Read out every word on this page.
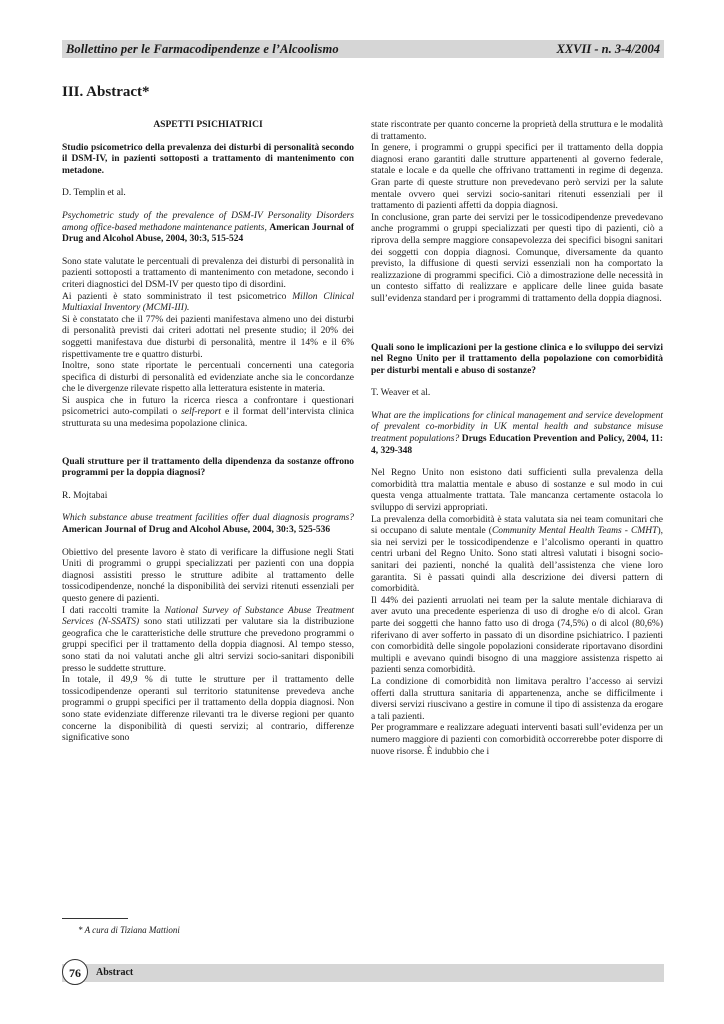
Bollettino per le Farmacodipendenze e l’Alcoolismo	XXVII - n. 3-4/2004
III. Abstract*

ASPETTI PSICHIATRICI

Studio psicometrico della prevalenza dei disturbi di personalità secondo il DSM-IV, in pazienti sottoposti a trattamento di mantenimento con metadone.

D. Templin et al.

Psychometric study of the prevalence of DSM-IV Personality Disorders among office-based methadone maintenance patients, American Journal of Drug and Alcohol Abuse, 2004, 30:3, 515-524

Sono state valutate le percentuali di prevalenza dei disturbi di personalità in pazienti sottoposti a trattamento di mantenimento con metadone, secondo i criteri diagnostici del DSM-IV per questo tipo di disordini.

Ai pazienti è stato somministrato il test psicometrico Millon Clinical Multiaxial Inventory (MCMI-III).

Si è constatato che il 77% dei pazienti manifestava almeno uno dei disturbi di personalità previsti dai criteri adottati nel presente studio; il 20% dei soggetti manifestava due disturbi di personalità, mentre il 14% e il 6% rispettivamente tre e quattro disturbi.

Inoltre, sono state riportate le percentuali concernenti una categoria specifica di disturbi di personalità ed evidenziate anche sia le concordanze che le divergenze rilevate rispetto alla letteratura esistente in materia.

Si auspica che in futuro la ricerca riesca a confrontare i questionari psicometrici auto-compilati o self-report e il format dell’intervista clinica strutturata su una medesima popolazione clinica.

Quali strutture per il trattamento della dipendenza da sostanze offrono programmi per la doppia diagnosi?

R. Mojtabai

Which substance abuse treatment facilities offer dual diagnosis programs? American Journal of Drug and Alcohol Abuse, 2004, 30:3, 525-536

Obiettivo del presente lavoro è stato di verificare la diffusione negli Stati Uniti di programmi o gruppi specializzati per pazienti con una doppia diagnosi assistiti presso le strutture adibite al trattamento delle tossicodipendenze, nonché la disponibilità dei servizi ritenuti essenziali per questo genere di pazienti.

I dati raccolti tramite la National Survey of Substance Abuse Treatment Services (N-SSATS) sono stati utilizzati per valutare sia la distribuzione geografica che le caratteristiche delle strutture che prevedono programmi o gruppi specifici per il trattamento della doppia diagnosi. Al tempo stesso, sono stati da noi valutati anche gli altri servizi socio-sanitari disponibili presso le suddette strutture.

In totale, il 49,9 % di tutte le strutture per il trattamento delle tossicodipendenze operanti sul territorio statunitense prevedeva anche programmi o gruppi specifici per il trattamento della doppia diagnosi. Non sono state evidenziate differenze rilevanti tra le diverse regioni per quanto concerne la disponibilità di questi servizi; al contrario, differenze significative sono

state riscontrate per quanto concerne la proprietà della struttura e le modalità di trattamento.

In genere, i programmi o gruppi specifici per il trattamento della doppia diagnosi erano garantiti dalle strutture appartenenti al governo federale, statale e locale e da quelle che offrivano trattamenti in regime di degenza. Gran parte di queste strutture non prevedevano però servizi per la salute mentale ovvero quei servizi socio-sanitari ritenuti essenziali per il trattamento di pazienti affetti da doppia diagnosi.

In conclusione, gran parte dei servizi per le tossicodipendenze prevedevano anche programmi o gruppi specializzati per questi tipo di pazienti, ciò a riprova della sempre maggiore consapevolezza dei specifici bisogni sanitari dei soggetti con doppia diagnosi. Comunque, diversamente da quanto previsto, la diffusione di questi servizi essenziali non ha comportato la realizzazione di programmi specifici. Ciò a dimostrazione delle necessità in un contesto siffatto di realizzare e applicare delle linee guida basate sull’evidenza standard per i programmi di trattamento della doppia diagnosi.

Quali sono le implicazioni per la gestione clinica e lo sviluppo dei servizi nel Regno Unito per il trattamento della popolazione con comorbidità per disturbi mentali e abuso di sostanze?

T. Weaver et al.

What are the implications for clinical management and service development of prevalent co-morbidity in UK mental health and substance misuse treatment populations? Drugs Education Prevention and Policy, 2004, 11: 4, 329-348

Nel Regno Unito non esistono dati sufficienti sulla prevalenza della comorbidità ttra malattia mentale e abuso di sostanze e sul modo in cui questa venga attualmente trattata. Tale mancanza certamente ostacola lo sviluppo di servizi appropriati.

La prevalenza della comorbidità è stata valutata sia nei team comunitari che si occupano di salute mentale (Community Mental Health Teams - CMHT), sia nei servizi per le tossicodipendenze e l’alcolismo operanti in quattro centri urbani del Regno Unito. Sono stati altresì valutati i bisogni socio-sanitari dei pazienti, nonché la qualità dell’assistenza che viene loro garantita. Si è passati quindi alla descrizione dei diversi pattern di comorbidità.

Il 44% dei pazienti arruolati nei team per la salute mentale dichiarava di aver avuto una precedente esperienza di uso di droghe e/o di alcol. Gran parte dei soggetti che hanno fatto uso di droga (74,5%) o di alcol (80,6%) riferivano di aver sofferto in passato di un disordine psichiatrico. I pazienti con comorbidità delle singole popolazioni considerate riportavano disordini multipli e avevano quindi bisogno di una maggiore assistenza rispetto ai pazienti senza comorbidità.

La condizione di comorbidità non limitava peraltro l’accesso ai servizi offerti dalla struttura sanitaria di appartenenza, anche se difficilmente i diversi servizi riuscivano a gestire in comune il tipo di assistenza da erogare a tali pazienti.

Per programmare e realizzare adeguati interventi basati sull’evidenza per un numero maggiore di pazienti con comorbidità occorrerebbe poter disporre di nuove risorse. È indubbio che i

* A cura di Tiziana Mattioni
76	Abstract
